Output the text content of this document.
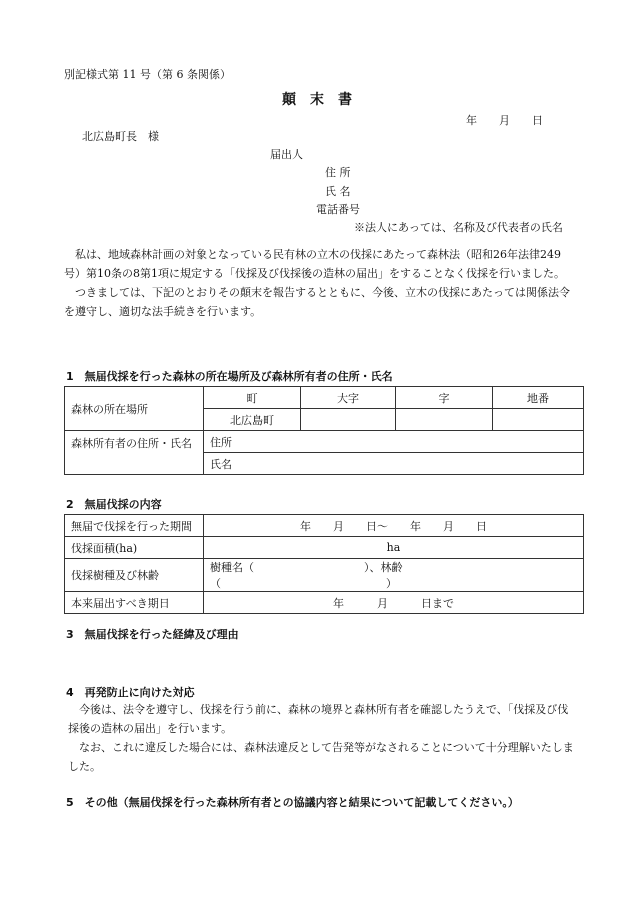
別記様式第 11 号（第 6 条関係）
顛　末　書
年　　月　　日
北広島町長　様
届出人
住 所
氏 名
電話番号
※法人にあっては、名称及び代表者の氏名

私は、地域森林計画の対象となっている民有林の立木の伐採にあたって森林法（昭和26年法律249号）第10条の8第1項に規定する「伐採及び伐採後の造林の届出」をすることなく伐採を行いました。

つきましては、下記のとおりその顛末を報告するとともに、今後、立木の伐採にあたっては関係法令を遵守し、適切な法手続きを行います。

1　無届伐採を行った森林の所在場所及び森林所有者の住所・氏名
森林の所在場所	町	大字	字	地番
	北広島町			
森林所有者の住所・氏名	住所			
	氏名			
2　無届伐採の内容
無届で伐採を行った期間	年　　月　　日～　　年　　月　　日
伐採面積(ha)	ha
伐採樹種及び林齢	樹種名（　　　　　　　　　　）、林齢（　　　　　　　　　　　　　　　）
本来届出すべき期日	年　　　月　　　日まで
3　無届伐採を行った経緯及び理由
4　再発防止に向けた対応

今後は、法令を遵守し、伐採を行う前に、森林の境界と森林所有者を確認したうえで、「伐採及び伐採後の造林の届出」を行います。

なお、これに違反した場合には、森林法違反として告発等がなされることについて十分理解いたしました。

5　その他（無届伐採を行った森林所有者との協議内容と結果について記載してください。）
